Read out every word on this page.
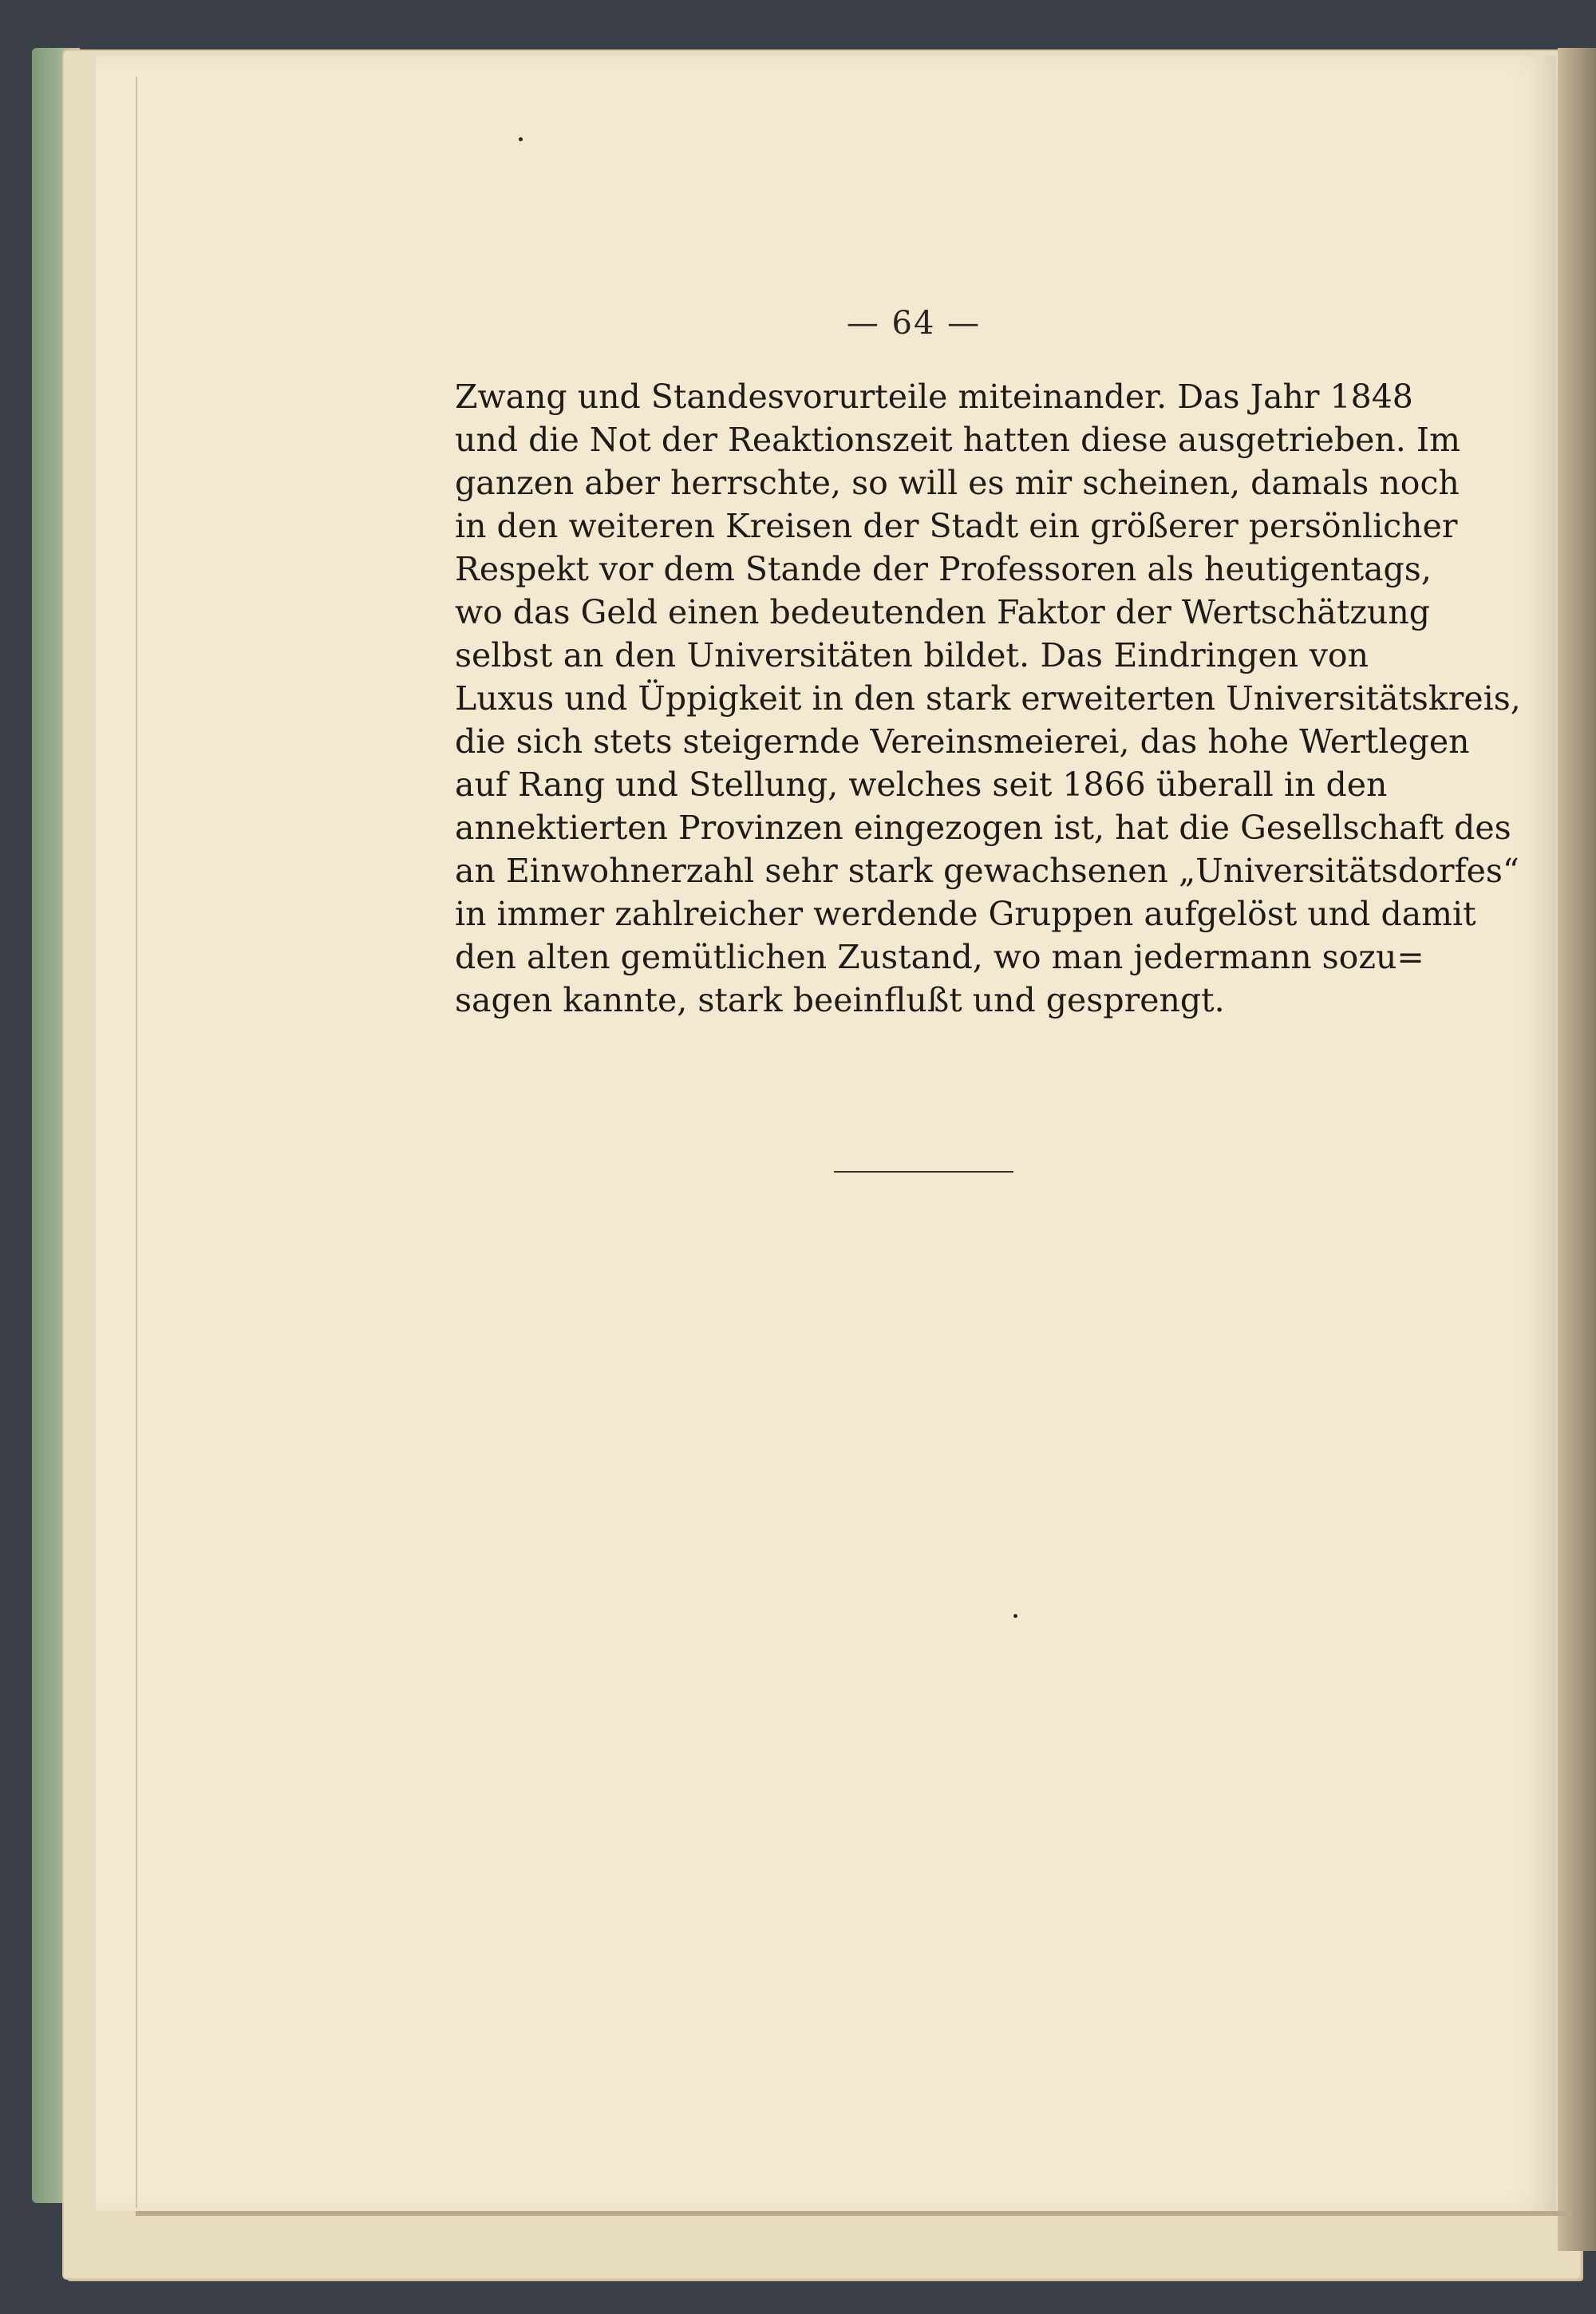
— 64 —
Zwang und Standesvorurteile miteinander. Das Jahr 1848
und die Not der Reaktionszeit hatten diese ausgetrieben. Im
ganzen aber herrschte, so will es mir scheinen, damals noch
in den weiteren Kreisen der Stadt ein größerer persönlicher
Respekt vor dem Stande der Professoren als heutigentags,
wo das Geld einen bedeutenden Faktor der Wertschätzung
selbst an den Universitäten bildet. Das Eindringen von
Luxus und Üppigkeit in den stark erweiterten Universitätskreis,
die sich stets steigernde Vereinsmeierei, das hohe Wertlegen
auf Rang und Stellung, welches seit 1866 überall in den
annektierten Provinzen eingezogen ist, hat die Gesellschaft des
an Einwohnerzahl sehr stark gewachsenen „Universitätsdorfes“
in immer zahlreicher werdende Gruppen aufgelöst und damit
den alten gemütlichen Zustand, wo man jedermann sozu=
sagen kannte, stark beeinflußt und gesprengt.
